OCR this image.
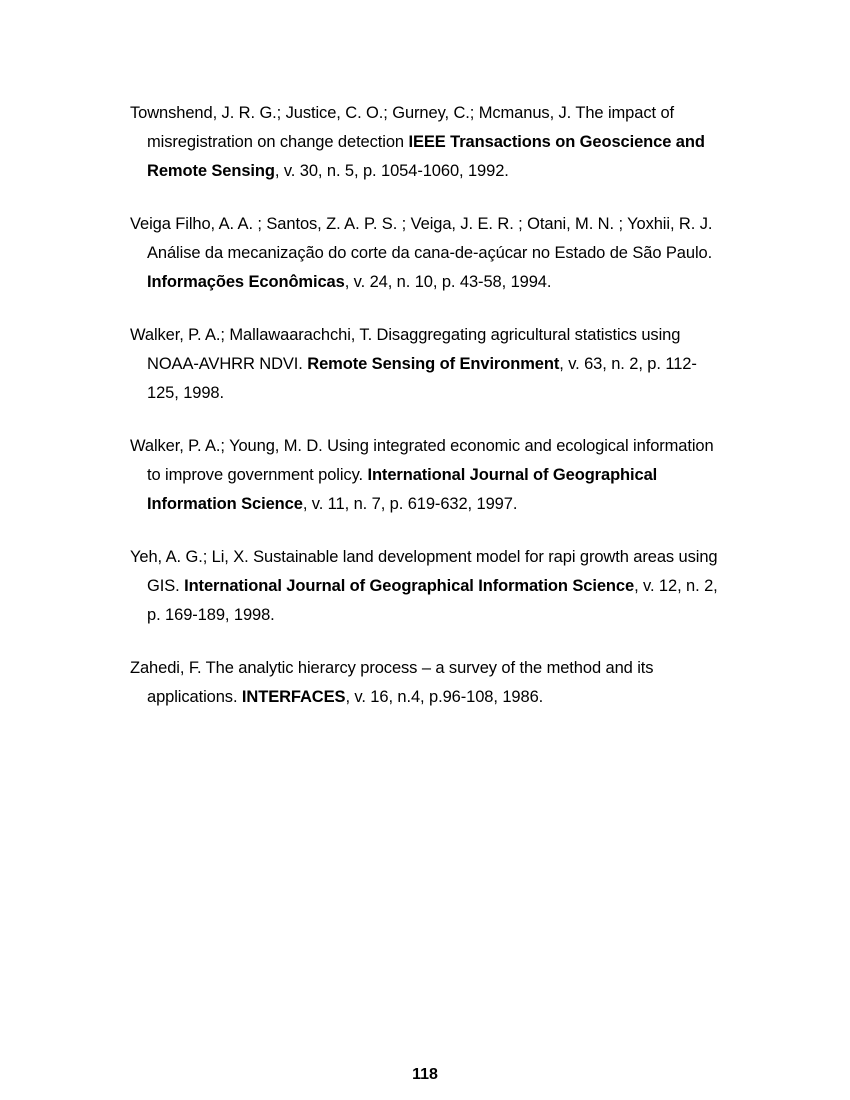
Townshend, J. R. G.; Justice, C. O.; Gurney, C.; Mcmanus, J. The impact of misregistration on change detection IEEE Transactions on Geoscience and Remote Sensing, v. 30, n. 5, p. 1054-1060, 1992.
Veiga Filho, A. A. ; Santos, Z. A. P. S. ; Veiga, J. E. R. ; Otani, M. N. ; Yoxhii, R. J. Análise da mecanização do corte da cana-de-açúcar no Estado de São Paulo. Informações Econômicas, v. 24, n. 10, p. 43-58, 1994.
Walker, P. A.; Mallawaarachchi, T. Disaggregating agricultural statistics using NOAA-AVHRR NDVI. Remote Sensing of Environment, v. 63, n. 2, p. 112-125, 1998.
Walker, P. A.; Young, M. D. Using integrated economic and ecological information to improve government policy. International Journal of Geographical Information Science, v. 11, n. 7, p. 619-632, 1997.
Yeh, A. G.; Li, X. Sustainable land development model for rapi growth areas using GIS. International Journal of Geographical Information Science, v. 12, n. 2, p. 169-189, 1998.
Zahedi, F. The analytic hierarcy process – a survey of the method and its applications. INTERFACES, v. 16, n.4, p.96-108, 1986.
118
